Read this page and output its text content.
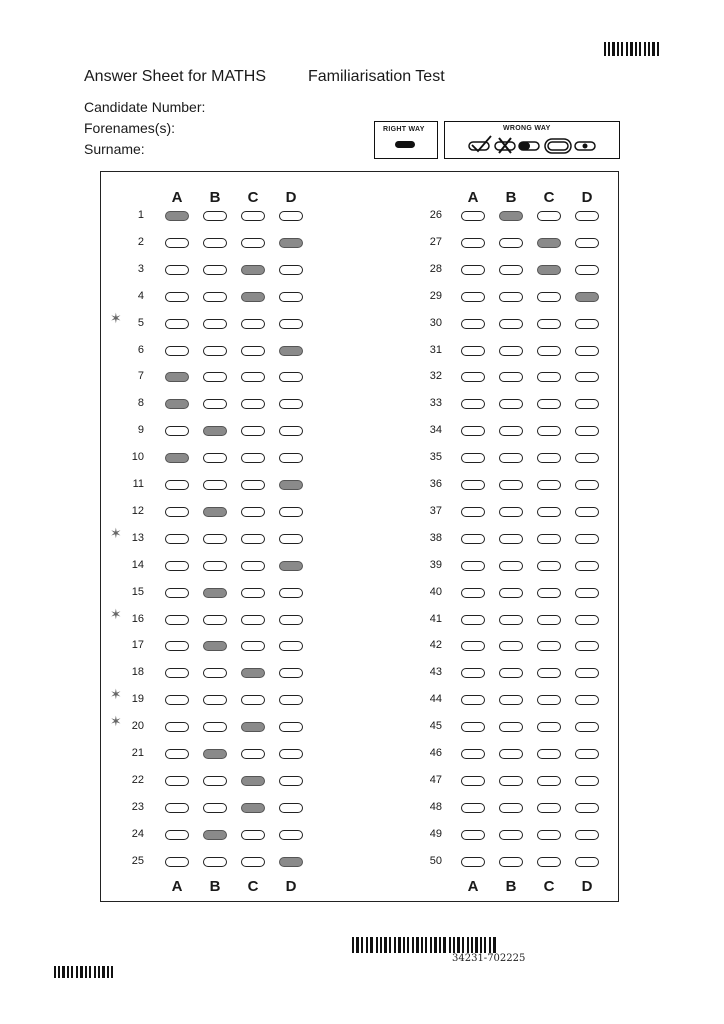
34231-702225
Answer Sheet for MATHS	Familiarisation Test
Candidate Number:
Forenames(s):
Surname:
RIGHT WAY	WRONG WAY
A
A
B
B
C
C
D
D
A
A
B
B
C
C
D
D
1
2
3
4
5
6
7
8
9
10
11
12
13
14
15
16
17
18
19
20
21
22
23
24
25
26
27
28
29
30
31
32
33
34
35
36
37
38
39
40
41
42
43
44
45
46
47
48
49
50
✶
✶
✶
✶
✶
